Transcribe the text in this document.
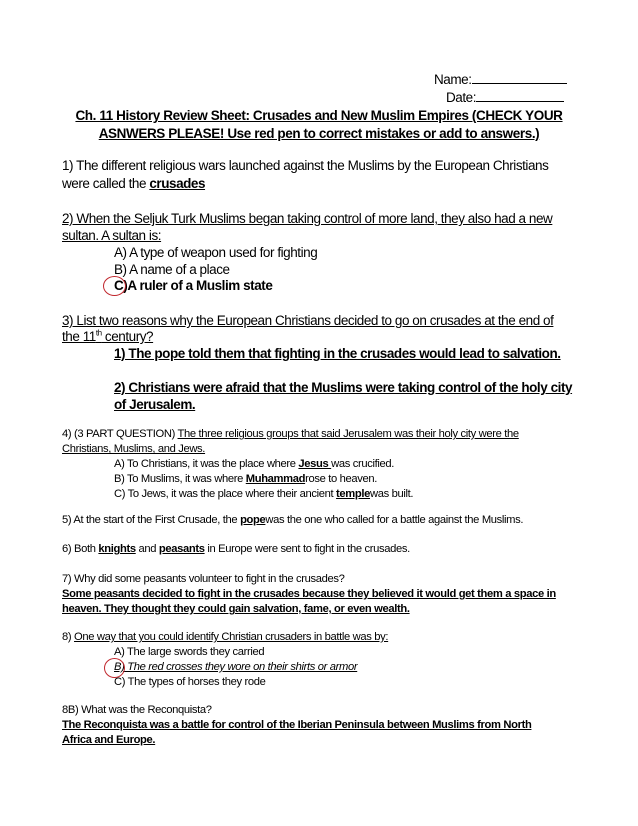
Name:
Date:
Ch. 11 History Review Sheet: Crusades and New Muslim Empires (CHECK YOUR
ASNWERS PLEASE! Use red pen to correct mistakes or add to answers.)
1) The different religious wars launched against the Muslims by the European Christians
were called the crusades
2) When the Seljuk Turk Muslims began taking control of more land, they also had a new
sultan. A sultan is:
A) A type of weapon used for fighting
B) A name of a place
C)A ruler of a Muslim state
3) List two reasons why the European Christians decided to go on crusades at the end of
the 11th century?
1) The pope told them that fighting in the crusades would lead to salvation.
2) Christians were afraid that the Muslims were taking control of the holy city
of Jerusalem.
4) (3 PART QUESTION) The three religious groups that said Jerusalem was their holy city were the
Christians, Muslims, and Jews.
A) To Christians, it was the place where Jesus was crucified.
B) To Muslims, it was where Muhammadrose to heaven.
C) To Jews, it was the place where their ancient templewas built.
5) At the start of the First Crusade, the popewas the one who called for a battle against the Muslims.
6) Both knights and peasants in Europe were sent to fight in the crusades.
7) Why did some peasants volunteer to fight in the crusades?
Some peasants decided to fight in the crusades because they believed it would get them a space in
heaven. They thought they could gain salvation, fame, or even wealth.
8) One way that you could identify Christian crusaders in battle was by:
A) The large swords they carried
B) The red crosses they wore on their shirts or armor
C) The types of horses they rode
8B) What was the Reconquista?
The Reconquista was a battle for control of the Iberian Peninsula between Muslims from North
Africa and Europe.
